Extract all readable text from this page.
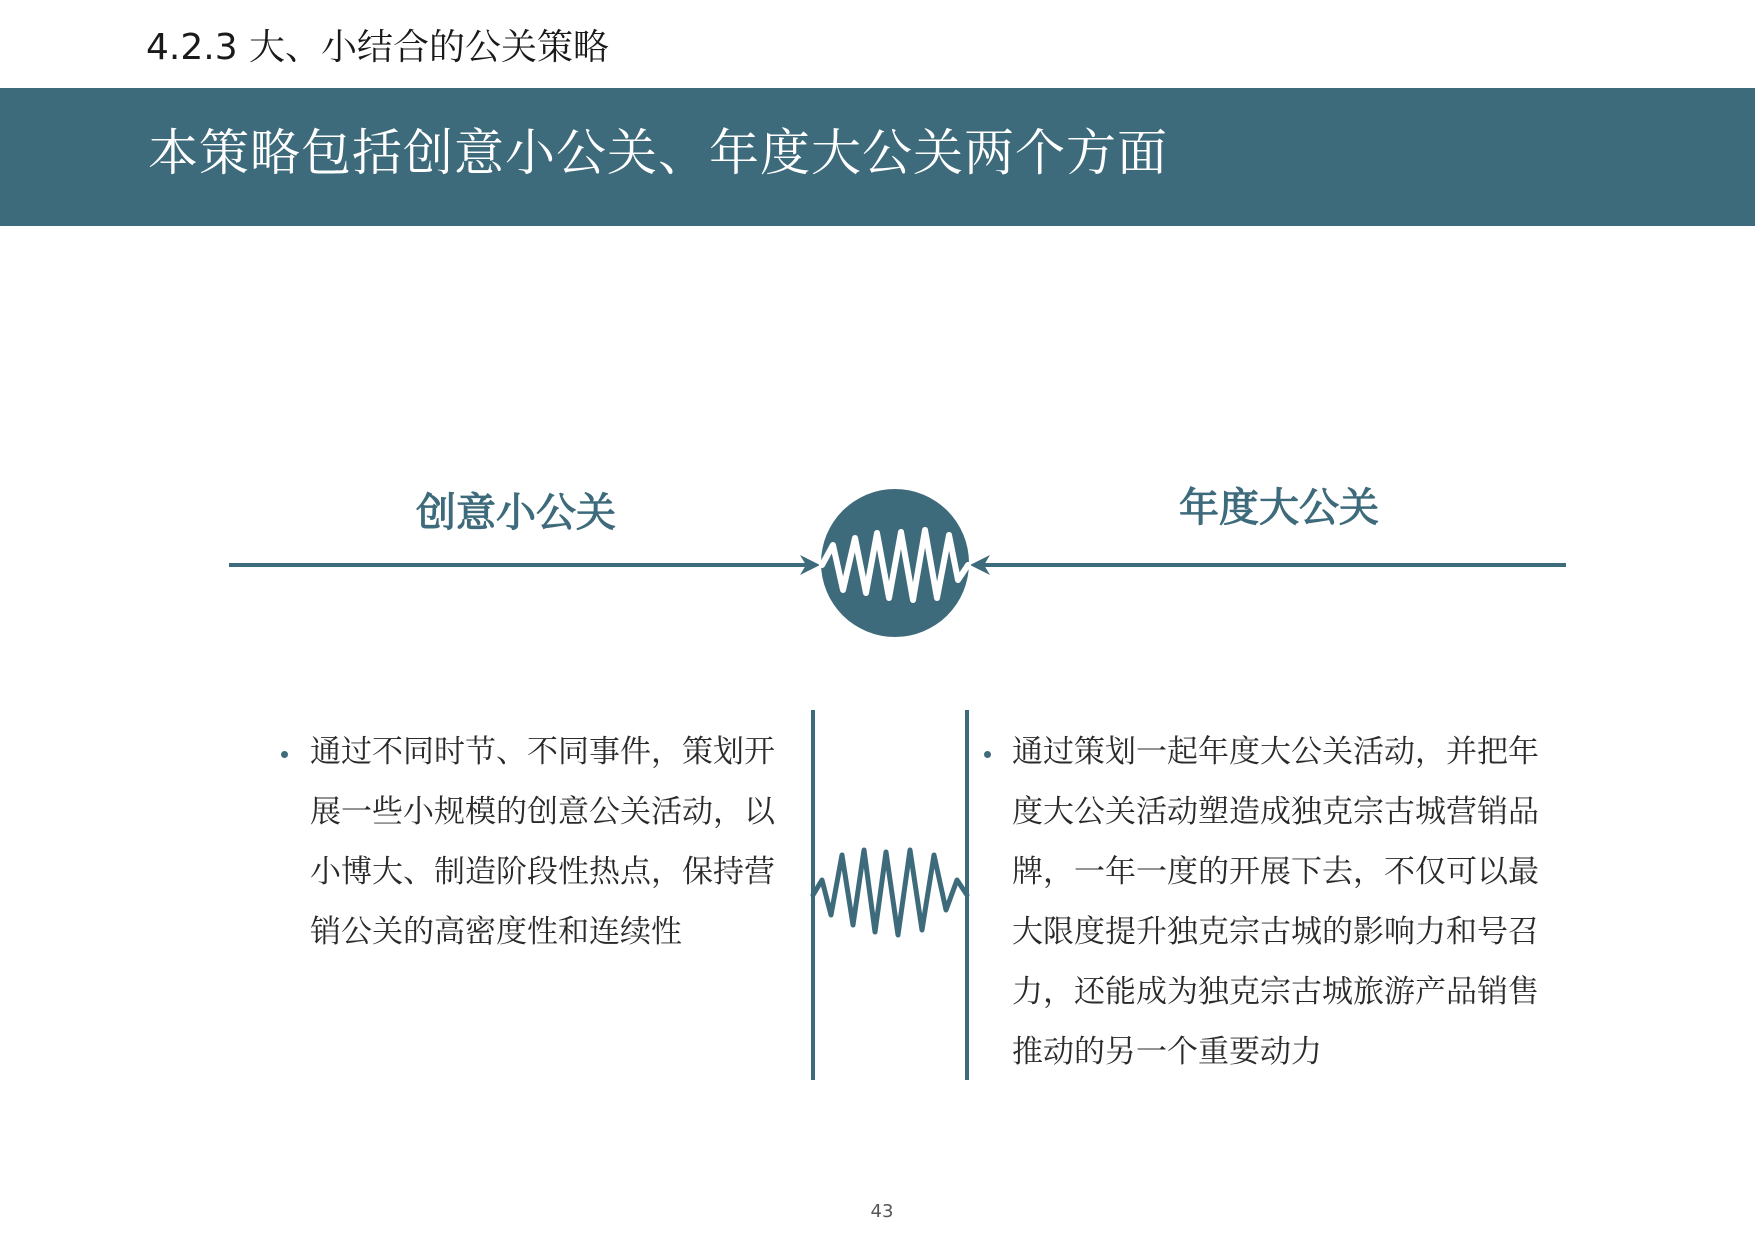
4.2.3 大、小结合的公关策略
本策略包括创意小公关、年度大公关两个方面
创意小公关	年度大公关
通过不同时节、不同事件，策划开展一些小规模的创意公关活动，以小博大、制造阶段性热点，保持营销公关的高密度性和连续性
通过策划一起年度大公关活动，并把年度大公关活动塑造成独克宗古城营销品牌，一年一度的开展下去，不仅可以最大限度提升独克宗古城的影响力和号召力，还能成为独克宗古城旅游产品销售推动的另一个重要动力
43
